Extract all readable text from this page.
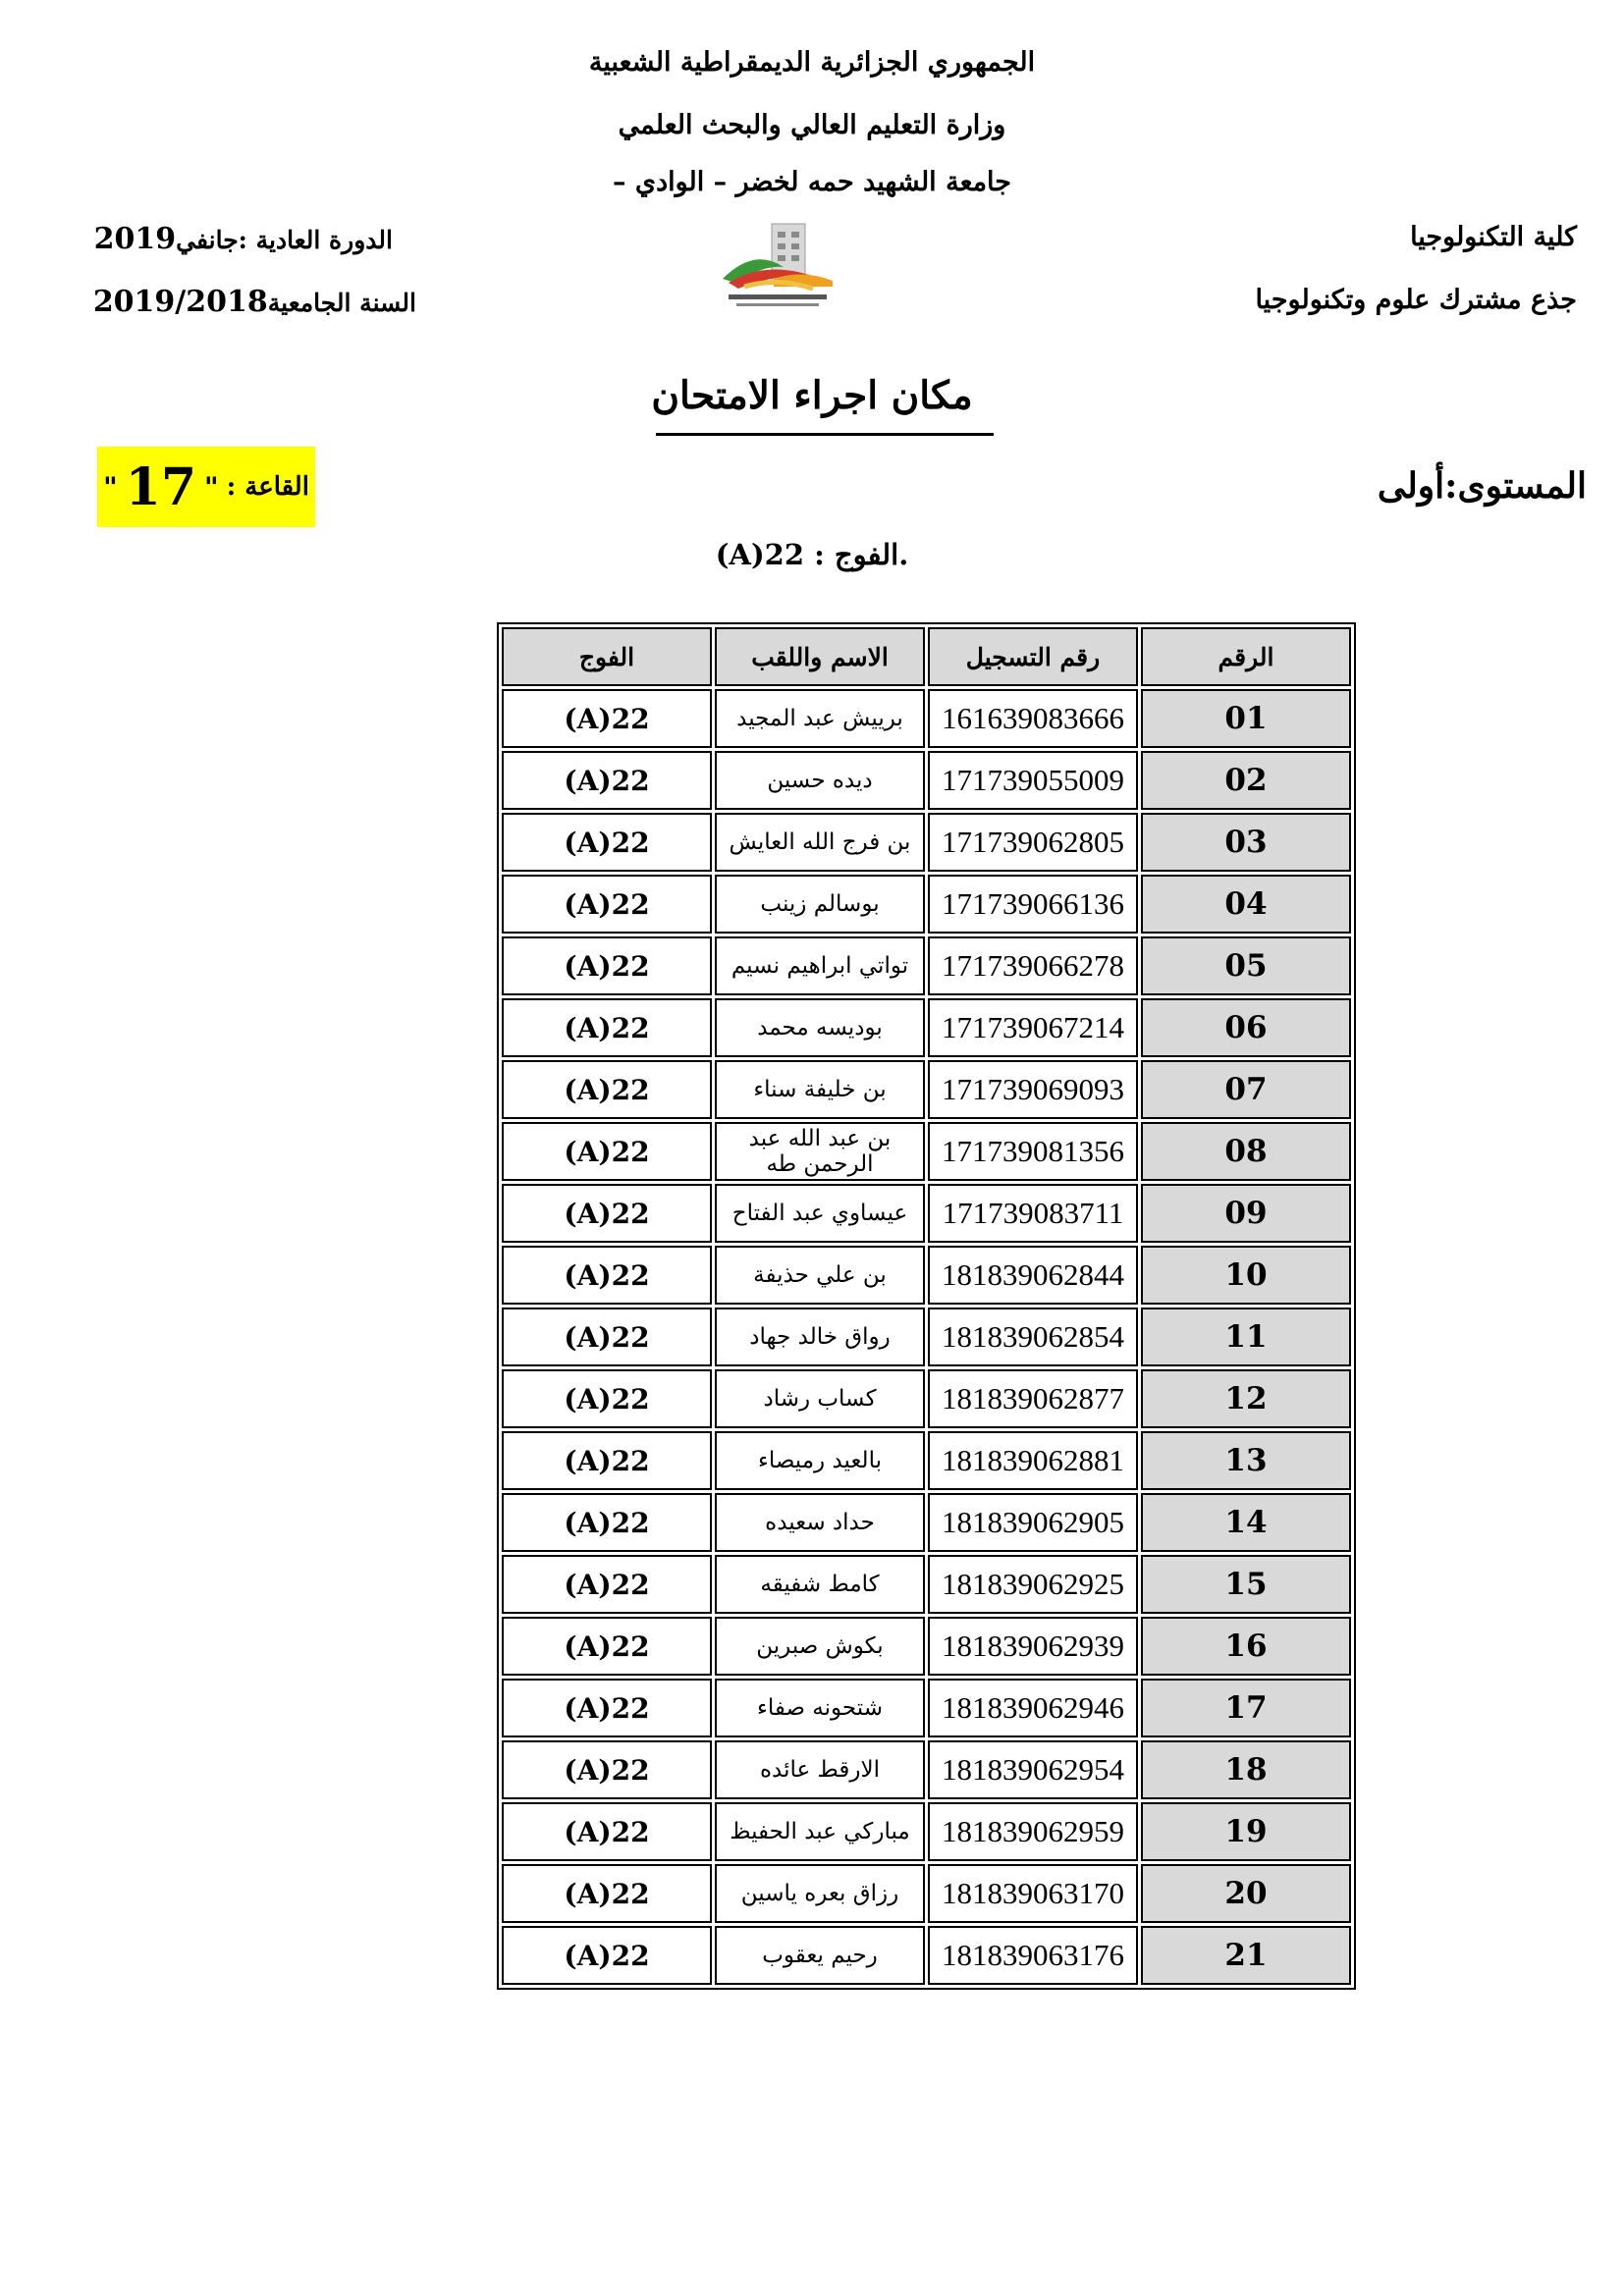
الجمهوري الجزائرية الديمقراطية الشعبية
وزارة التعليم العالي والبحث العلمي
جامعة الشهيد حمه لخضر – الوادي –
كلية التكنولوجيا
جذع مشترك علوم وتكنولوجيا
الدورة العادية :جانفي2019
السنة الجامعية2019/2018
مكان اجراء الامتحان
المستوى:أولى
القاعة :
"
17
"
.الفوج : 22(A)
الرقم	رقم التسجيل	الاسم واللقب	الفوج
01	161639083666	برييش عبد المجيد	22(A)
02	171739055009	ديده حسين	22(A)
03	171739062805	بن فرج الله العايش	22(A)
04	171739066136	بوسالم زينب	22(A)
05	171739066278	تواتي ابراهيم نسيم	22(A)
06	171739067214	بوديسه محمد	22(A)
07	171739069093	بن خليفة سناء	22(A)
08	171739081356	بن عبد الله عبد الرحمن طه	22(A)
09	171739083711	عيساوي عبد الفتاح	22(A)
10	181839062844	بن علي حذيفة	22(A)
11	181839062854	رواق خالد جهاد	22(A)
12	181839062877	كساب رشاد	22(A)
13	181839062881	بالعيد رميصاء	22(A)
14	181839062905	حداد سعيده	22(A)
15	181839062925	كامط شفيقه	22(A)
16	181839062939	بكوش صبرين	22(A)
17	181839062946	شتحونه صفاء	22(A)
18	181839062954	الارقط عائده	22(A)
19	181839062959	مباركي عبد الحفيظ	22(A)
20	181839063170	رزاق بعره ياسين	22(A)
21	181839063176	رحيم يعقوب	22(A)
